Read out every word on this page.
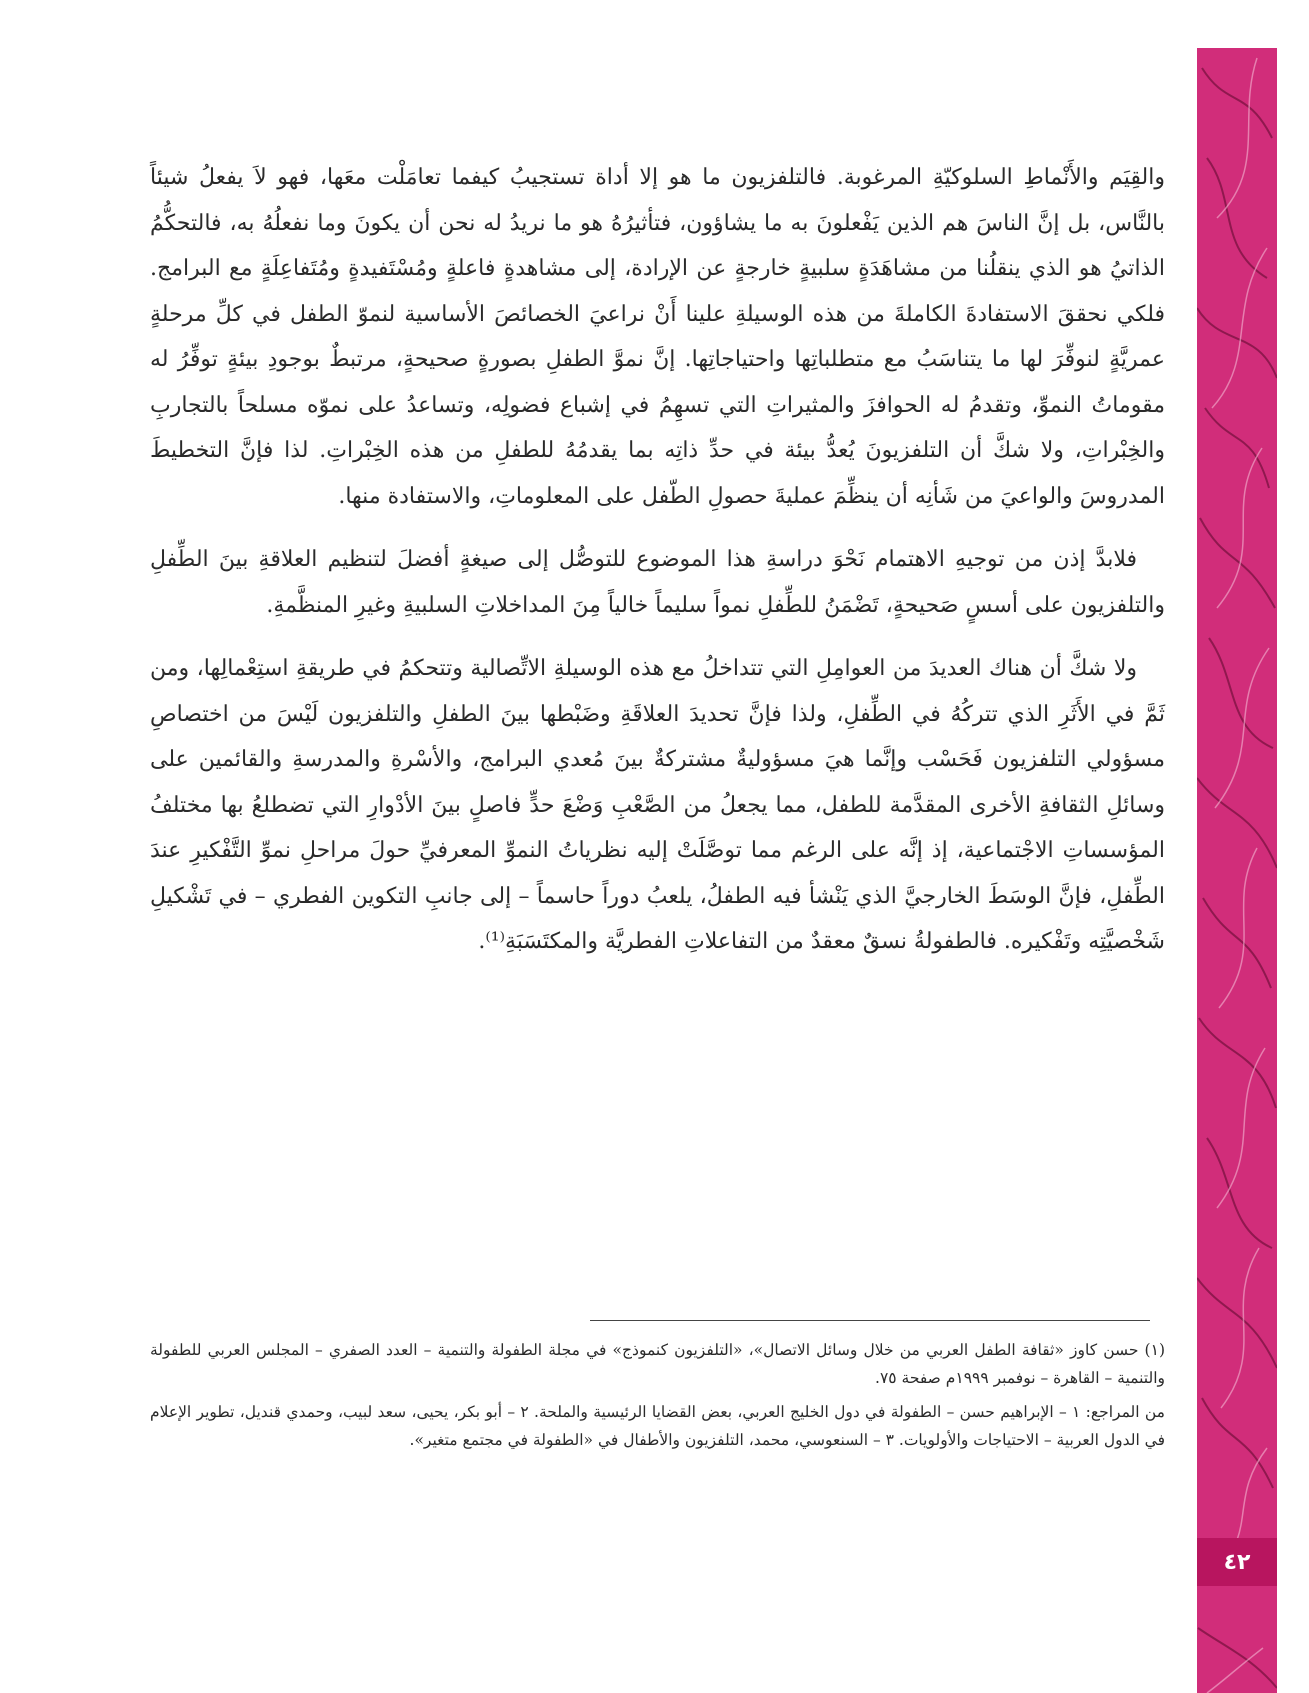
٤٢

والقِيَم والأَنْماطِ السلوكيّةِ المرغوبة. فالتلفزيون ما هو إلا أداة تستجيبُ كيفما تعامَلْت معَها، فهو لاَ يفعلُ شيئاً بالنَّاس، بل إنَّ الناسَ هم الذين يَفْعلونَ به ما يشاؤون، فتأثيرُهُ هو ما نريدُ له نحن أن يكونَ وما نفعلُهُ به، فالتحكُّمُ الذاتيُ هو الذي ينقلُنا من مشاهَدَةٍ سلبيةٍ خارجةٍ عن الإرادة، إلى مشاهدةٍ فاعلةٍ ومُسْتَفيدةٍ ومُتَفاعِلَةٍ مع البرامج. فلكي نحققَ الاستفادةَ الكاملةَ من هذه الوسيلةِ علينا أَنْ نراعيَ الخصائصَ الأساسية لنموّ الطفل في كلِّ مرحلةٍ عمريَّةٍ لنوفِّرَ لها ما يتناسَبُ مع متطلباتِها واحتياجاتِها. إنَّ نموَّ الطفلِ بصورةٍ صحيحةٍ، مرتبطٌ بوجودِ بيئةٍ توفِّرُ له مقوماتُ النموِّ، وتقدمُ له الحوافزَ والمثيراتِ التي تسهِمُ في إشباع فضولِه، وتساعدُ على نموّه مسلحاً بالتجاربِ والخِبْراتِ، ولا شكَّ أن التلفزيونَ يُعدُّ بيئة في حدِّ ذاتِه بما يقدمُهُ للطفلِ من هذه الخِبْراتِ. لذا فإنَّ التخطيطَ المدروسَ والواعيَ من شَأنِه أن ينظِّمَ عمليةَ حصولِ الطّفل على المعلوماتِ، والاستفادة منها.

فلابدَّ إذن من توجيهِ الاهتمام نَحْوَ دراسةِ هذا الموضوع للتوصُّل إلى صيغةٍ أفضلَ لتنظيم العلاقةِ بينَ الطِّفلِ والتلفزيون على أسسٍ صَحيحةٍ، تَضْمَنُ للطِّفلِ نمواً سليماً خالياً مِنَ المداخلاتِ السلبيةِ وغيرِ المنظَّمةِ.

ولا شكَّ أن هناك العديدَ من العوامِلِ التي تتداخلُ مع هذه الوسيلةِ الاتِّصالية وتتحكمُ في طريقةِ استِعْمالِها، ومن ثَمَّ في الأَثَرِ الذي تتركُهُ في الطِّفلِ، ولذا فإنَّ تحديدَ العلاقَةِ وضَبْطها بينَ الطفلِ والتلفزيون لَيْسَ من اختصاصِ مسؤولي التلفزيون فَحَسْب وإنَّما هيَ مسؤوليةٌ مشتركةٌ بينَ مُعدي البرامج، والأسْرةِ والمدرسةِ والقائمين على وسائلِ الثقافةِ الأخرى المقدَّمة للطفل، مما يجعلُ من الصَّعْبِ وَضْعَ حدٍّ فاصلٍ بينَ الأدْوارِ التي تضطلعُ بها مختلفُ المؤسساتِ الاجْتماعية، إذ إنَّه على الرغم مما توصَّلَتْ إليه نظرياتُ النموِّ المعرفيِّ حولَ مراحلِ نموِّ التَّفْكيرِ عندَ الطِّفلِ، فإنَّ الوسَطَ الخارجيَّ الذي يَنْشأ فيه الطفلُ، يلعبُ دوراً حاسماً – إلى جانبِ التكوين الفطري – في تَشْكيلِ شَخْصيَّتِه وتَفْكيره. فالطفولةُ نسقٌ معقدٌ من التفاعلاتِ الفطريَّة والمكتَسَبَةِ⁽¹⁾.

(١) حسن كاوز «ثقافة الطفل العربي من خلال وسائل الاتصال»، «التلفزيون كنموذج» في مجلة الطفولة والتنمية – العدد الصفري – المجلس العربي للطفولة والتنمية – القاهرة – نوفمبر ١٩٩٩م صفحة ٧٥.

من المراجع: ١ – الإبراهيم حسن – الطفولة في دول الخليج العربي، بعض القضايا الرئيسية والملحة. ٢ – أبو بكر، يحيى، سعد لبيب، وحمدي قنديل، تطوير الإعلام في الدول العربية – الاحتياجات والأولويات. ٣ – السنعوسي، محمد، التلفزيون والأطفال في «الطفولة في مجتمع متغير».
